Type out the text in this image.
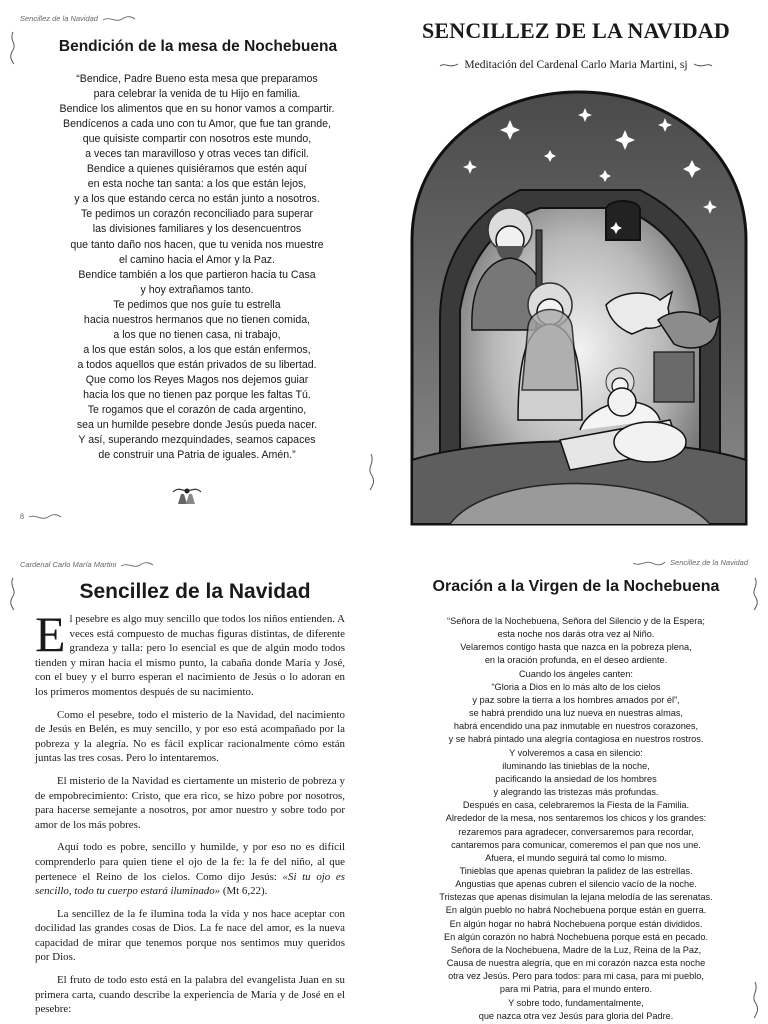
Sencillez de la Navidad
Bendición de la mesa de Nochebuena
“Bendice, Padre Bueno esta mesa que preparamos
para celebrar la venida de tu Hijo en familia.
Bendice los alimentos que en su honor vamos a compartir.
Bendícenos a cada uno con tu Amor, que fue tan grande,
que quisiste compartir con nosotros este mundo,
a veces tan maravilloso y otras veces tan difícil.
Bendice a quienes quisiéramos que estén aquí
en esta noche tan santa: a los que están lejos,
y a los que estando cerca no están junto a nosotros.
Te pedimos un corazón reconciliado para superar
las divisiones familiares y los desencuentros
que tanto daño nos hacen, que tu venida nos muestre
el camino hacia el Amor y la Paz.
Bendice también a los que partieron hacia tu Casa
y hoy extrañamos tanto.
Te pedimos que nos guíe tu estrella
hacia nuestros hermanos que no tienen comida,
a los que no tienen casa, ni trabajo,
a los que están solos, a los que están enfermos,
a todos aquellos que están privados de su libertad.
Que como los Reyes Magos nos dejemos guiar
hacia los que no tienen paz porque les faltas Tú.
Te rogamos que el corazón de cada argentino,
sea un humilde pesebre donde Jesús pueda nacer.
Y así, superando mezquindades, seamos capaces
de construir una Patria de iguales. Amén.”
8
SENCILLEZ DE LA NAVIDAD
Meditación del Cardenal Carlo Maria Martini, sj
Cardenal Carlo María Martini
Sencillez de la Navidad

El pesebre es algo muy sencillo que todos los niños entienden. A veces está compuesto de muchas figuras distintas, de diferente grandeza y talla: pero lo esencial es que de algún modo todos tienden y miran hacia el mismo punto, la cabaña donde María y José, con el buey y el burro esperan el nacimiento de Jesús o lo adoran en los primeros momentos después de su nacimiento.

Como el pesebre, todo el misterio de la Navidad, del nacimiento de Jesús en Belén, es muy sencillo, y por eso está acompañado por la pobreza y la alegría. No es fácil explicar racionalmente cómo están juntas las tres cosas. Pero lo intentaremos.

El misterio de la Navidad es ciertamente un misterio de pobreza y de empobrecimiento: Cristo, que era rico, se hizo pobre por nosotros, para hacerse semejante a nosotros, por amor nuestro y sobre todo por amor de los más pobres.

Aquí todo es pobre, sencillo y humilde, y por eso no es difícil comprenderlo para quien tiene el ojo de la fe: la fe del niño, al que pertenece el Reino de los cielos. Como dijo Jesús: «Si tu ojo es sencillo, todo tu cuerpo estará iluminado» (Mt 6,22).

La sencillez de la fe ilumina toda la vida y nos hace aceptar con docilidad las grandes cosas de Dios. La fe nace del amor, es la nueva capacidad de mirar que tenemos porque nos sentimos muy queridos por Dios.

El fruto de todo esto está en la palabra del evangelista Juan en su primera carta, cuando describe la experiencia de María y de José en el pesebre:

Sencillez de la Navidad
Oración a la Virgen de la Nochebuena
“Señora de la Nochebuena, Señora del Silencio y de la Espera;
esta noche nos darás otra vez al Niño.
Velaremos contigo hasta que nazca en la pobreza plena,
en la oración profunda, en el deseo ardiente.
Cuando los ángeles canten:
“Gloria a Dios en lo más alto de los cielos
y paz sobre la tierra a los hombres amados por él”,
se habrá prendido una luz nueva en nuestras almas,
habrá encendido una paz inmutable en nuestros corazones,
y se habrá pintado una alegría contagiosa en nuestros rostros.
Y volveremos a casa en silencio:
iluminando las tinieblas de la noche,
pacificando la ansiedad de los hombres
y alegrando las tristezas más profundas.
Después en casa, celebraremos la Fiesta de la Familia.
Alrededor de la mesa, nos sentaremos los chicos y los grandes:
rezaremos para agradecer, conversaremos para recordar,
cantaremos para comunicar, comeremos el pan que nos une.
Afuera, el mundo seguirá tal como lo mismo.
Tinieblas que apenas quiebran la palidez de las estrellas.
Angustias que apenas cubren el silencio vacío de la noche.
Tristezas que apenas disimulan la lejana melodía de las serenatas.
En algún pueblo no habrá Nochebuena porque están en guerra.
En algún hogar no habrá Nochebuena porque están divididos.
En algún corazón no habrá Nochebuena porque está en pecado.
Señora de la Nochebuena, Madre de la Luz, Reina de la Paz,
Causa de nuestra alegría, que en mi corazón nazca esta noche
otra vez Jesús. Pero para todos: para mi casa, para mi pueblo,
para mi Patria, para el mundo entero.
Y sobre todo, fundamentalmente,
que nazca otra vez Jesús para gloria del Padre.
